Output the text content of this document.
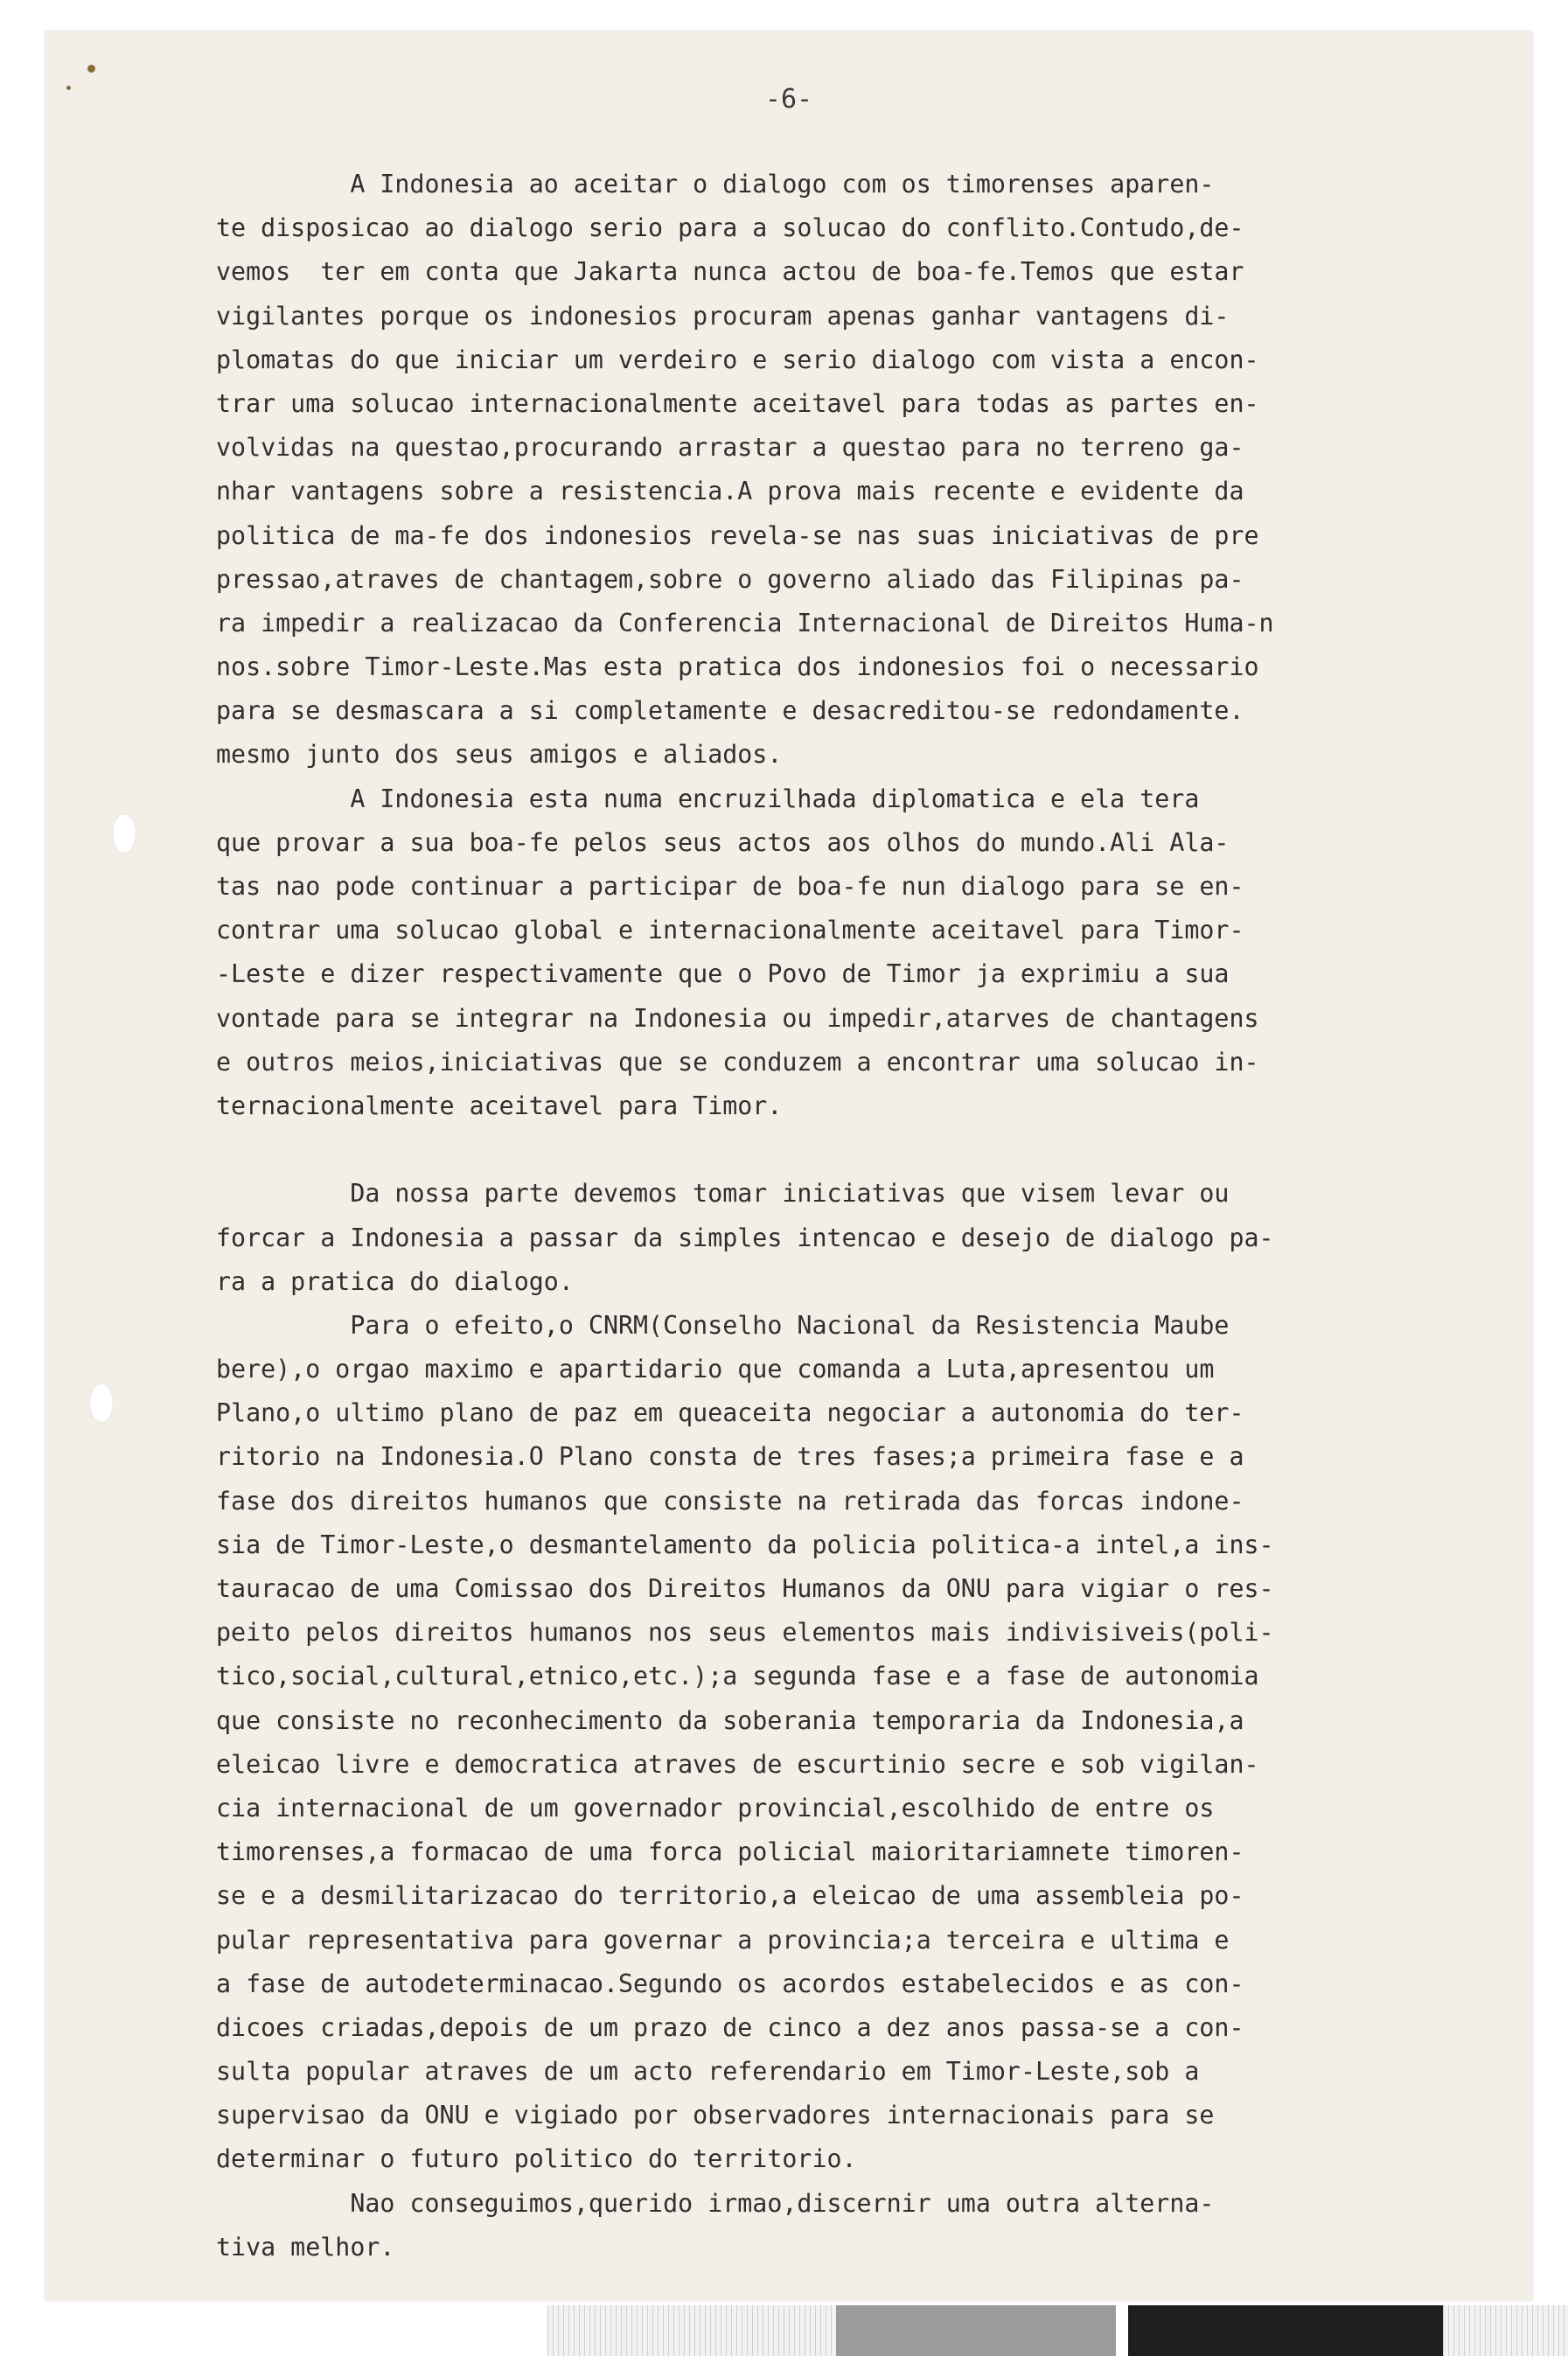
-6-
A Indonesia ao aceitar o dialogo com os timorenses aparen-
te disposicao ao dialogo serio para a solucao do conflito.Contudo,de-
vemos  ter em conta que Jakarta nunca actou de boa-fe.Temos que estar
vigilantes porque os indonesios procuram apenas ganhar vantagens di-
plomatas do que iniciar um verdeiro e serio dialogo com vista a encon-
trar uma solucao internacionalmente aceitavel para todas as partes en-
volvidas na questao,procurando arrastar a questao para no terreno ga-
nhar vantagens sobre a resistencia.A prova mais recente e evidente da
politica de ma-fe dos indonesios revela-se nas suas iniciativas de pre
pressao,atraves de chantagem,sobre o governo aliado das Filipinas pa-
ra impedir a realizacao da Conferencia Internacional de Direitos Huma-n
nos.sobre Timor-Leste.Mas esta pratica dos indonesios foi o necessario
para se desmascara a si completamente e desacreditou-se redondamente.
mesmo junto dos seus amigos e aliados.
A Indonesia esta numa encruzilhada diplomatica e ela tera
que provar a sua boa-fe pelos seus actos aos olhos do mundo.Ali Ala-
tas nao pode continuar a participar de boa-fe nun dialogo para se en-
contrar uma solucao global e internacionalmente aceitavel para Timor-
-Leste e dizer respectivamente que o Povo de Timor ja exprimiu a sua
vontade para se integrar na Indonesia ou impedir,atarves de chantagens
e outros meios,iniciativas que se conduzem a encontrar uma solucao in-
ternacionalmente aceitavel para Timor.
Da nossa parte devemos tomar iniciativas que visem levar ou
forcar a Indonesia a passar da simples intencao e desejo de dialogo pa-
ra a pratica do dialogo.
Para o efeito,o CNRM(Conselho Nacional da Resistencia Maube
bere),o orgao maximo e apartidario que comanda a Luta,apresentou um
Plano,o ultimo plano de paz em queaceita negociar a autonomia do ter-
ritorio na Indonesia.O Plano consta de tres fases;a primeira fase e a
fase dos direitos humanos que consiste na retirada das forcas indone-
sia de Timor-Leste,o desmantelamento da policia politica-a intel,a ins-
tauracao de uma Comissao dos Direitos Humanos da ONU para vigiar o res-
peito pelos direitos humanos nos seus elementos mais indivisiveis(poli-
tico,social,cultural,etnico,etc.);a segunda fase e a fase de autonomia
que consiste no reconhecimento da soberania temporaria da Indonesia,a
eleicao livre e democratica atraves de escurtinio secre e sob vigilan-
cia internacional de um governador provincial,escolhido de entre os
timorenses,a formacao de uma forca policial maioritariamnete timoren-
se e a desmilitarizacao do territorio,a eleicao de uma assembleia po-
pular representativa para governar a provincia;a terceira e ultima e
a fase de autodeterminacao.Segundo os acordos estabelecidos e as con-
dicoes criadas,depois de um prazo de cinco a dez anos passa-se a con-
sulta popular atraves de um acto referendario em Timor-Leste,sob a
supervisao da ONU e vigiado por observadores internacionais para se
determinar o futuro politico do territorio.
Nao conseguimos,querido irmao,discernir uma outra alterna-
tiva melhor.
